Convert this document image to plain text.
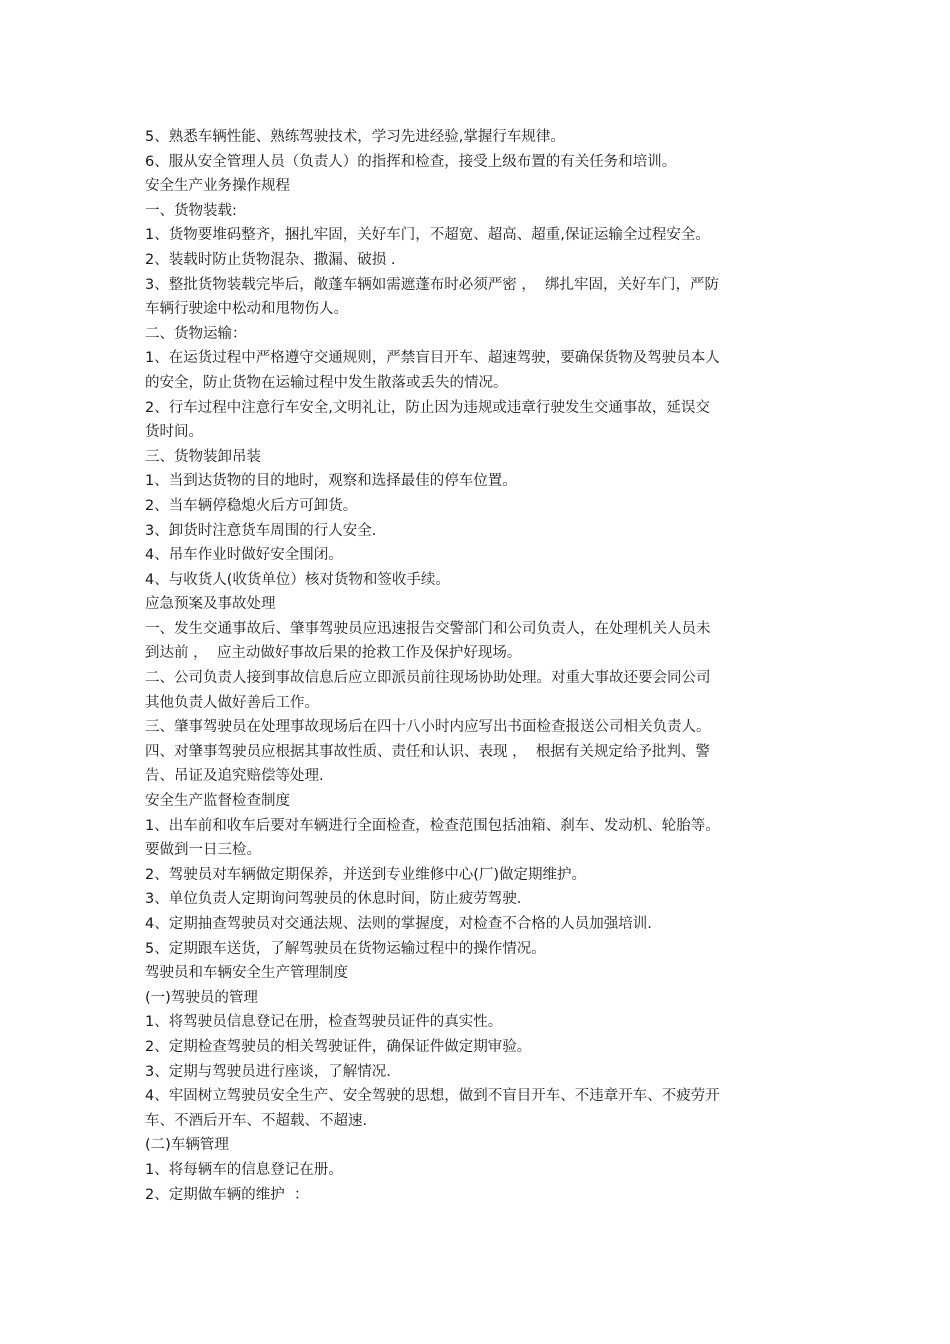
5、熟悉车辆性能、熟练驾驶技术，学习先进经验,掌握行车规律。
6、服从安全管理人员（负责人）的指挥和检查，接受上级布置的有关任务和培训。
安全生产业务操作规程
一、货物装载:
1、货物要堆码整齐，捆扎牢固，关好车门，不超宽、超高、超重,保证运输全过程安全。
2、装载时防止货物混杂、撒漏、破损 .
3、整批货物装载完毕后，敞蓬车辆如需遮蓬布时必须严密 ，  绑扎牢固，关好车门，严防
车辆行驶途中松动和甩物伤人。
二、货物运输：
1、在运货过程中严格遵守交通规则，严禁盲目开车、超速驾驶，要确保货物及驾驶员本人
的安全，防止货物在运输过程中发生散落或丢失的情况。
2、行车过程中注意行车安全,文明礼让，防止因为违规或违章行驶发生交通事故，延误交
货时间。
三、货物装卸吊装
1、当到达货物的目的地时，观察和选择最佳的停车位置。
2、当车辆停稳熄火后方可卸货。
3、卸货时注意货车周围的行人安全.
4、吊车作业时做好安全围闭。
4、与收货人(收货单位）核对货物和签收手续。
应急预案及事故处理
一、发生交通事故后、肇事驾驶员应迅速报告交警部门和公司负责人，在处理机关人员未
到达前 ，  应主动做好事故后果的抢救工作及保护好现场。
二、公司负责人接到事故信息后应立即派员前往现场协助处理。对重大事故还要会同公司
其他负责人做好善后工作。
三、肇事驾驶员在处理事故现场后在四十八小时内应写出书面检查报送公司相关负责人。
四、对肇事驾驶员应根据其事故性质、责任和认识、表现 ，  根据有关规定给予批判、警
告、吊证及追究赔偿等处理.
安全生产监督检查制度
1、出车前和收车后要对车辆进行全面检查，检查范围包括油箱、刹车、发动机、轮胎等。
要做到一日三检。
2、驾驶员对车辆做定期保养，并送到专业维修中心(厂)做定期维护。
3、单位负责人定期询问驾驶员的休息时间，防止疲劳驾驶.
4、定期抽查驾驶员对交通法规、法则的掌握度，对检查不合格的人员加强培训.
5、定期跟车送货，了解驾驶员在货物运输过程中的操作情况。
驾驶员和车辆安全生产管理制度
(一)驾驶员的管理
1、将驾驶员信息登记在册，检查驾驶员证件的真实性。
2、定期检查驾驶员的相关驾驶证件，确保证件做定期审验。
3、定期与驾驶员进行座谈，了解情况.
4、牢固树立驾驶员安全生产、安全驾驶的思想，做到不盲目开车、不违章开车、不疲劳开
车、不酒后开车、不超载、不超速.
(二)车辆管理
1、将每辆车的信息登记在册。
2、定期做车辆的维护  ：
